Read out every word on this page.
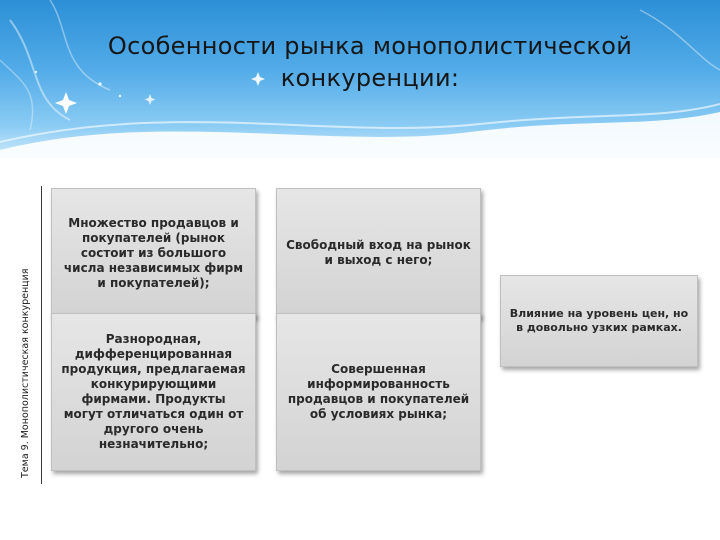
Особенности рынка монополистической
конкуренции:
Тема 9. Монополистическая конкуренция
Множество продавцов и покупателей (рынок состоит из большого числа независимых фирм и покупателей);
Свободный вход на рынок и выход с него;
Разнородная, дифференцированная продукция, предлагаемая конкурирующими фирмами. Продукты могут отличаться один от другого очень незначительно;
Совершенная информированность продавцов и покупателей об условиях рынка;
Влияние на уровень цен, но в довольно узких рамках.
